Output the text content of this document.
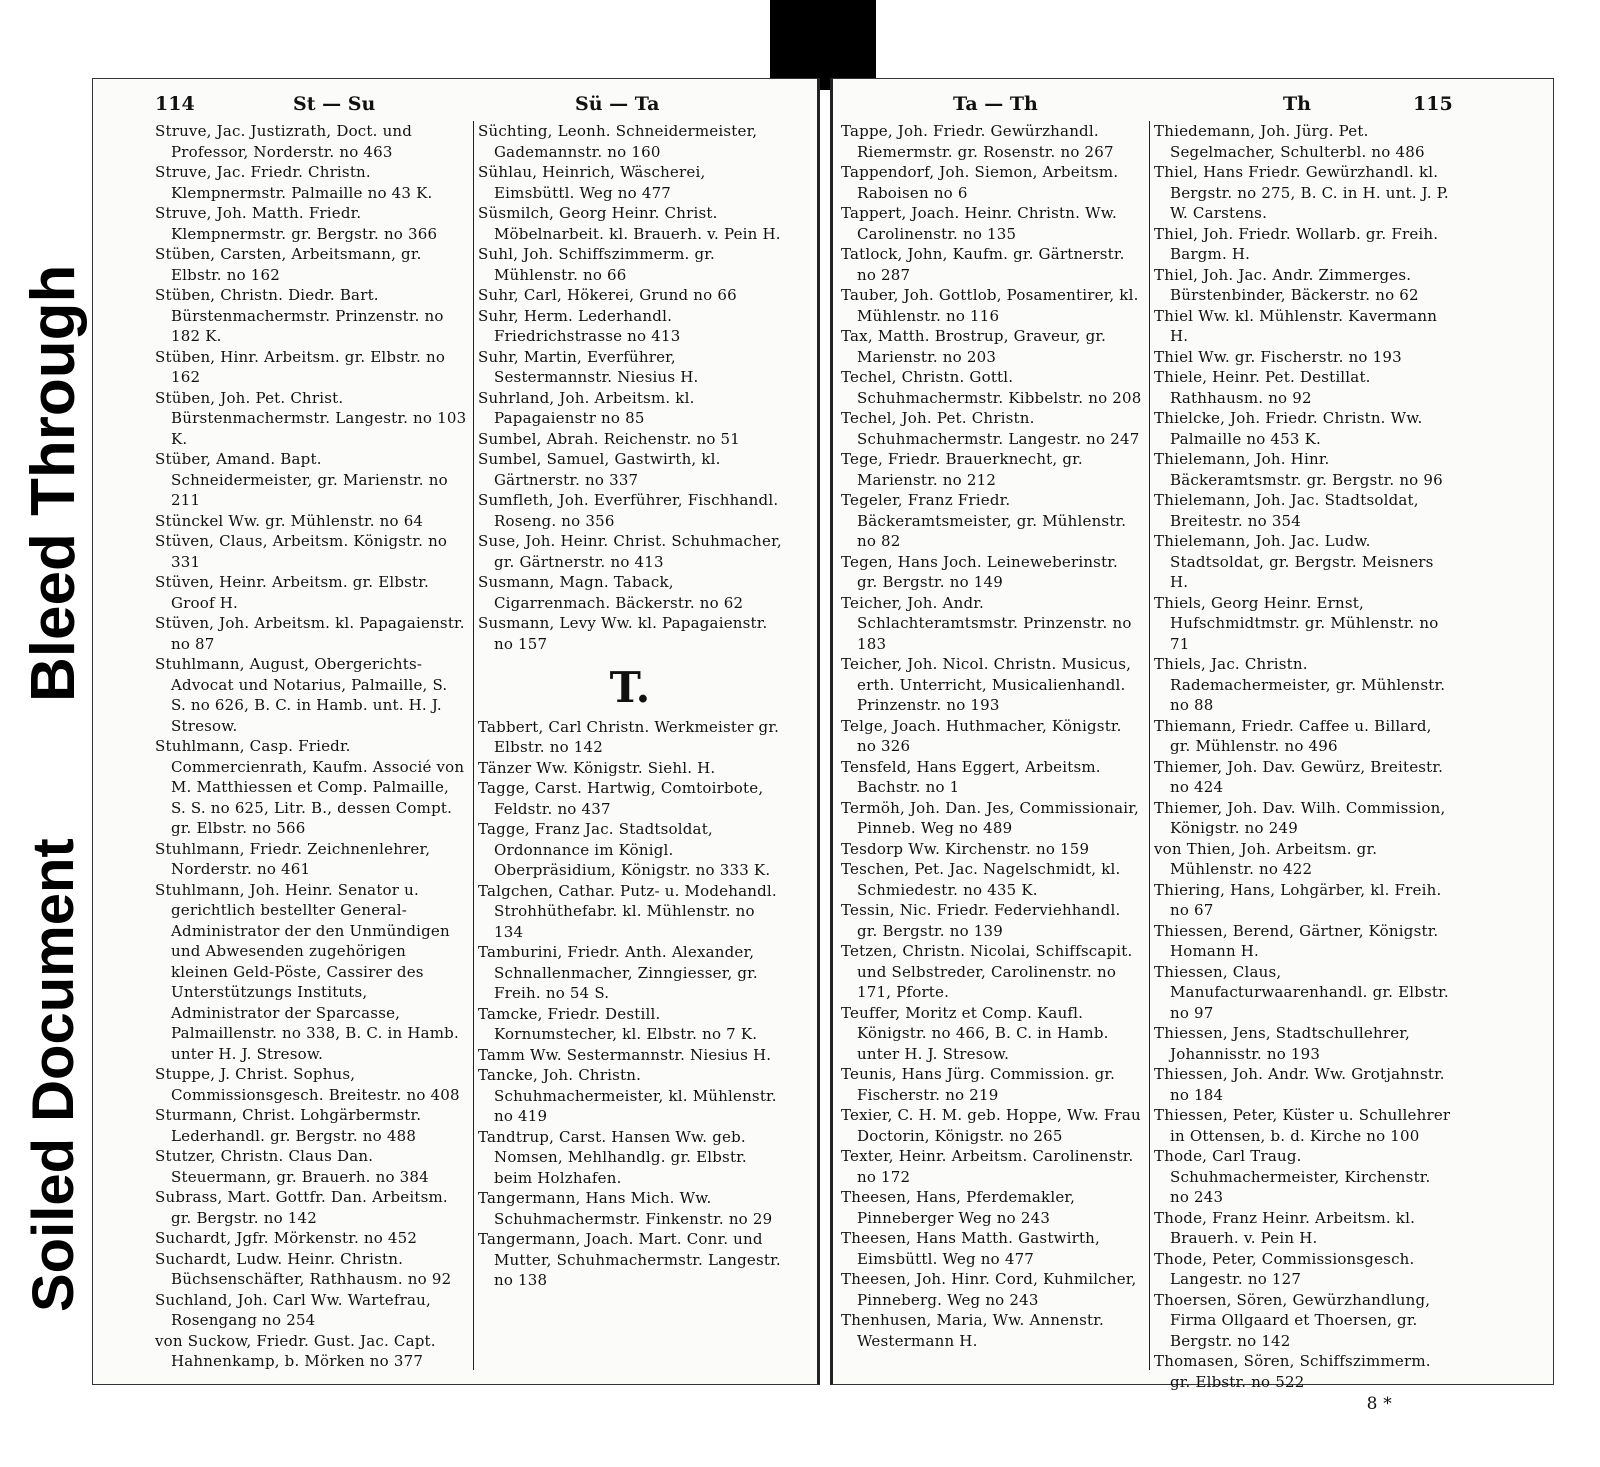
Bleed Through
Soiled Document
114	St — Su	Sü — Ta

Struve, Jac. Justizrath, Doct. und Professor, Norderstr. no 463

Struve, Jac. Friedr. Christn. Klempnermstr. Palmaille no 43 K.

Struve, Joh. Matth. Friedr. Klempnermstr. gr. Bergstr. no 366

Stüben, Carsten, Arbeitsmann, gr. Elbstr. no 162

Stüben, Christn. Diedr. Bart. Bürstenmachermstr. Prinzenstr. no 182 K.

Stüben, Hinr. Arbeitsm. gr. Elbstr. no 162

Stüben, Joh. Pet. Christ. Bürstenmachermstr. Langestr. no 103 K.

Stüber, Amand. Bapt. Schneidermeister, gr. Marienstr. no 211

Stünckel Ww. gr. Mühlenstr. no 64

Stüven, Claus, Arbeitsm. Königstr. no 331

Stüven, Heinr. Arbeitsm. gr. Elbstr. Groof H.

Stüven, Joh. Arbeitsm. kl. Papagaienstr. no 87

Stuhlmann, August, Obergerichts-Advocat und Notarius, Palmaille, S. S. no 626, B. C. in Hamb. unt. H. J. Stresow.

Stuhlmann, Casp. Friedr. Commercienrath, Kaufm. Associé von M. Matthiessen et Comp. Palmaille, S. S. no 625, Litr. B., dessen Compt. gr. Elbstr. no 566

Stuhlmann, Friedr. Zeichnenlehrer, Norderstr. no 461

Stuhlmann, Joh. Heinr. Senator u. gerichtlich bestellter General-Administrator der den Unmündigen und Abwesenden zugehörigen kleinen Geld-Pöste, Cassirer des Unterstützungs Instituts, Administrator der Sparcasse, Palmaillenstr. no 338, B. C. in Hamb. unter H. J. Stresow.

Stuppe, J. Christ. Sophus, Commissionsgesch. Breitestr. no 408

Sturmann, Christ. Lohgärbermstr. Lederhandl. gr. Bergstr. no 488

Stutzer, Christn. Claus Dan. Steuermann, gr. Brauerh. no 384

Subrass, Mart. Gottfr. Dan. Arbeitsm. gr. Bergstr. no 142

Suchardt, Jgfr. Mörkenstr. no 452

Suchardt, Ludw. Heinr. Christn. Büchsenschäfter, Rathhausm. no 92

Suchland, Joh. Carl Ww. Wartefrau, Rosengang no 254

von Suckow, Friedr. Gust. Jac. Capt. Hahnenkamp, b. Mörken no 377

Süchting, Leonh. Schneidermeister, Gademannstr. no 160

Sühlau, Heinrich, Wäscherei, Eimsbüttl. Weg no 477

Süsmilch, Georg Heinr. Christ. Möbelnarbeit. kl. Brauerh. v. Pein H.

Suhl, Joh. Schiffszimmerm. gr. Mühlenstr. no 66

Suhr, Carl, Hökerei, Grund no 66

Suhr, Herm. Lederhandl. Friedrichstrasse no 413

Suhr, Martin, Everführer, Sestermannstr. Niesius H.

Suhrland, Joh. Arbeitsm. kl. Papagaienstr no 85

Sumbel, Abrah. Reichenstr. no 51

Sumbel, Samuel, Gastwirth, kl. Gärtnerstr. no 337

Sumfleth, Joh. Everführer, Fischhandl. Roseng. no 356

Suse, Joh. Heinr. Christ. Schuhmacher, gr. Gärtnerstr. no 413

Susmann, Magn. Taback, Cigarrenmach. Bäckerstr. no 62

Susmann, Levy Ww. kl. Papagaienstr. no 157

T.

Tabbert, Carl Christn. Werkmeister gr. Elbstr. no 142

Tänzer Ww. Königstr. Siehl. H.

Tagge, Carst. Hartwig, Comtoirbote, Feldstr. no 437

Tagge, Franz Jac. Stadtsoldat, Ordonnance im Königl. Oberpräsidium, Königstr. no 333 K.

Talgchen, Cathar. Putz- u. Modehandl. Strohhüthefabr. kl. Mühlenstr. no 134

Tamburini, Friedr. Anth. Alexander, Schnallenmacher, Zinngiesser, gr. Freih. no 54 S.

Tamcke, Friedr. Destill. Kornumstecher, kl. Elbstr. no 7 K.

Tamm Ww. Sestermannstr. Niesius H.

Tancke, Joh. Christn. Schuhmachermeister, kl. Mühlenstr. no 419

Tandtrup, Carst. Hansen Ww. geb. Nomsen, Mehlhandlg. gr. Elbstr. beim Holzhafen.

Tangermann, Hans Mich. Ww. Schuhmachermstr. Finkenstr. no 29

Tangermann, Joach. Mart. Conr. und Mutter, Schuhmachermstr. Langestr. no 138

Ta — Th	Th	115

Tappe, Joh. Friedr. Gewürzhandl. Riemermstr. gr. Rosenstr. no 267

Tappendorf, Joh. Siemon, Arbeitsm. Raboisen no 6

Tappert, Joach. Heinr. Christn. Ww. Carolinenstr. no 135

Tatlock, John, Kaufm. gr. Gärtnerstr. no 287

Tauber, Joh. Gottlob, Posamentirer, kl. Mühlenstr. no 116

Tax, Matth. Brostrup, Graveur, gr. Marienstr. no 203

Techel, Christn. Gottl. Schuhmachermstr. Kibbelstr. no 208

Techel, Joh. Pet. Christn. Schuhmachermstr. Langestr. no 247

Tege, Friedr. Brauerknecht, gr. Marienstr. no 212

Tegeler, Franz Friedr. Bäckeramtsmeister, gr. Mühlenstr. no 82

Tegen, Hans Joch. Leineweberinstr. gr. Bergstr. no 149

Teicher, Joh. Andr. Schlachteramtsmstr. Prinzenstr. no 183

Teicher, Joh. Nicol. Christn. Musicus, erth. Unterricht, Musicalienhandl. Prinzenstr. no 193

Telge, Joach. Huthmacher, Königstr. no 326

Tensfeld, Hans Eggert, Arbeitsm. Bachstr. no 1

Termöh, Joh. Dan. Jes, Commissionair, Pinneb. Weg no 489

Tesdorp Ww. Kirchenstr. no 159

Teschen, Pet. Jac. Nagelschmidt, kl. Schmiedestr. no 435 K.

Tessin, Nic. Friedr. Federviehhandl. gr. Bergstr. no 139

Tetzen, Christn. Nicolai, Schiffscapit. und Selbstreder, Carolinenstr. no 171, Pforte.

Teuffer, Moritz et Comp. Kaufl. Königstr. no 466, B. C. in Hamb. unter H. J. Stresow.

Teunis, Hans Jürg. Commission. gr. Fischerstr. no 219

Texier, C. H. M. geb. Hoppe, Ww. Frau Doctorin, Königstr. no 265

Texter, Heinr. Arbeitsm. Carolinenstr. no 172

Theesen, Hans, Pferdemakler, Pinneberger Weg no 243

Theesen, Hans Matth. Gastwirth, Eimsbüttl. Weg no 477

Theesen, Joh. Hinr. Cord, Kuhmilcher, Pinneberg. Weg no 243

Thenhusen, Maria, Ww. Annenstr. Westermann H.

Thiedemann, Joh. Jürg. Pet. Segelmacher, Schulterbl. no 486

Thiel, Hans Friedr. Gewürzhandl. kl. Bergstr. no 275, B. C. in H. unt. J. P. W. Carstens.

Thiel, Joh. Friedr. Wollarb. gr. Freih. Bargm. H.

Thiel, Joh. Jac. Andr. Zimmerges. Bürstenbinder, Bäckerstr. no 62

Thiel Ww. kl. Mühlenstr. Kavermann H.

Thiel Ww. gr. Fischerstr. no 193

Thiele, Heinr. Pet. Destillat. Rathhausm. no 92

Thielcke, Joh. Friedr. Christn. Ww. Palmaille no 453 K.

Thielemann, Joh. Hinr. Bäckeramtsmstr. gr. Bergstr. no 96

Thielemann, Joh. Jac. Stadtsoldat, Breitestr. no 354

Thielemann, Joh. Jac. Ludw. Stadtsoldat, gr. Bergstr. Meisners H.

Thiels, Georg Heinr. Ernst, Hufschmidtmstr. gr. Mühlenstr. no 71

Thiels, Jac. Christn. Rademachermeister, gr. Mühlenstr. no 88

Thiemann, Friedr. Caffee u. Billard, gr. Mühlenstr. no 496

Thiemer, Joh. Dav. Gewürz, Breitestr. no 424

Thiemer, Joh. Dav. Wilh. Commission, Königstr. no 249

von Thien, Joh. Arbeitsm. gr. Mühlenstr. no 422

Thiering, Hans, Lohgärber, kl. Freih. no 67

Thiessen, Berend, Gärtner, Königstr. Homann H.

Thiessen, Claus, Manufacturwaarenhandl. gr. Elbstr. no 97

Thiessen, Jens, Stadtschullehrer, Johannisstr. no 193

Thiessen, Joh. Andr. Ww. Grotjahnstr. no 184

Thiessen, Peter, Küster u. Schullehrer in Ottensen, b. d. Kirche no 100

Thode, Carl Traug. Schuhmachermeister, Kirchenstr. no 243

Thode, Franz Heinr. Arbeitsm. kl. Brauerh. v. Pein H.

Thode, Peter, Commissionsgesch. Langestr. no 127

Thoersen, Sören, Gewürzhandlung, Firma Ollgaard et Thoersen, gr. Bergstr. no 142

Thomasen, Sören, Schiffszimmerm. gr. Elbstr. no 522

8 *
